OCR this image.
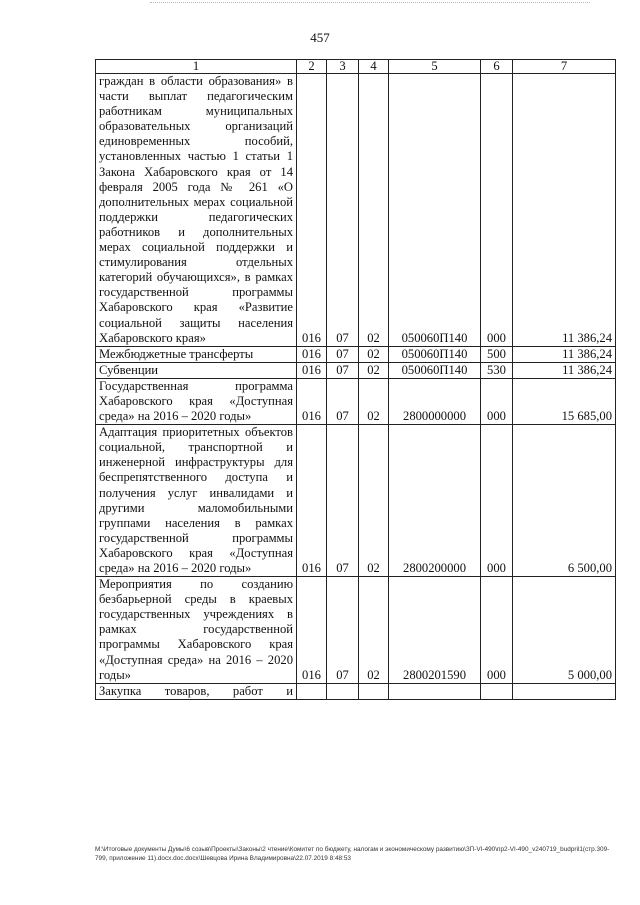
457
1	2	3	4	5	6	7
граждан в области образования» в части выплат педагогическим работникам муниципальных образовательных организаций единовременных пособий, установленных частью 1 статьи 1 Закона Хабаровского края от 14 февраля 2005 года № 261 «О дополнительных мерах социальной поддержки педагогических работников и дополнительных мерах социальной поддержки и стимулирования отдельных категорий обучающихся», в рамках государственной программы Хабаровского края «Развитие социальной защиты населения Хабаровского края»	016	07	02	050060П140	000	11 386,24
Межбюджетные трансферты	016	07	02	050060П140	500	11 386,24
Субвенции	016	07	02	050060П140	530	11 386,24
Государственная программа Хабаровского края «Доступная среда» на 2016 – 2020 годы»	016	07	02	2800000000	000	15 685,00
Адаптация приоритетных объектов социальной, транспортной и инженерной инфраструктуры для беспрепятственного доступа и получения услуг инвалидами и другими маломобильными группами населения в рамках государственной программы Хабаровского края «Доступная среда» на 2016 – 2020 годы»	016	07	02	2800200000	000	6 500,00
Мероприятия по созданию безбарьерной среды в краевых государственных учреждениях в рамках государственной программы Хабаровского края «Доступная среда» на 2016 – 2020 годы»	016	07	02	2800201590	000	5 000,00
Закупка товаров, работ и						
M:\Итоговые документы Думы\6 созыв\Проекты\Законы\2 чтение\Комитет по бюджету, налогам и экономическому развитию\ЗП-VI-490\пр2-VI-490_v240719_budpril1(стр.309-799, приложение 11).docx.doc.docx\Шевцова Ирина Владимировна\22.07.2019 8:48:53
